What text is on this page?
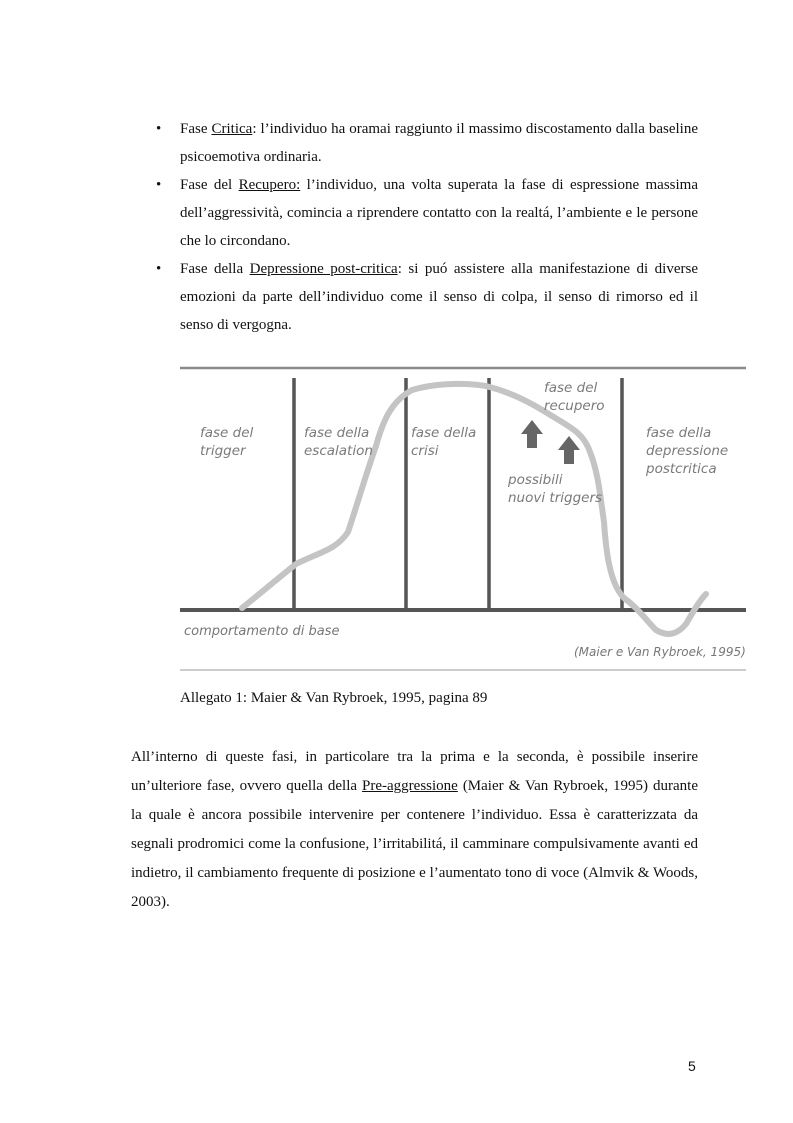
• Fase Critica: l’individuo ha oramai raggiunto il massimo discostamento dalla baseline psicoemotiva ordinaria.
• Fase del Recupero: l’individuo, una volta superata la fase di espressione massima dell’aggressività, comincia a riprendere contatto con la realtá, l’ambiente e le persone che lo circondano.
• Fase della Depressione post-critica: si puó assistere alla manifestazione di diverse emozioni da parte dell’individuo come il senso di colpa, il senso di rimorso ed il senso di vergogna.
fase del
trigger
fase della
escalation
fase della
crisi
fase del
recupero
fase della
depressione
postcritica
possibili
nuovi triggers
comportamento di base
(Maier e Van Rybroek, 1995)
Allegato 1: Maier & Van Rybroek, 1995, pagina 89

All’interno di queste fasi, in particolare tra la prima e la seconda, è possibile inserire un’ulteriore fase, ovvero quella della Pre-aggressione (Maier & Van Rybroek, 1995) durante la quale è ancora possibile intervenire per contenere l’individuo. Essa è caratterizzata da segnali prodromici come la confusione, l’irritabilitá, il camminare compulsivamente avanti ed indietro, il cambiamento frequente di posizione e l’aumentato tono di voce (Almvik & Woods, 2003).

5
